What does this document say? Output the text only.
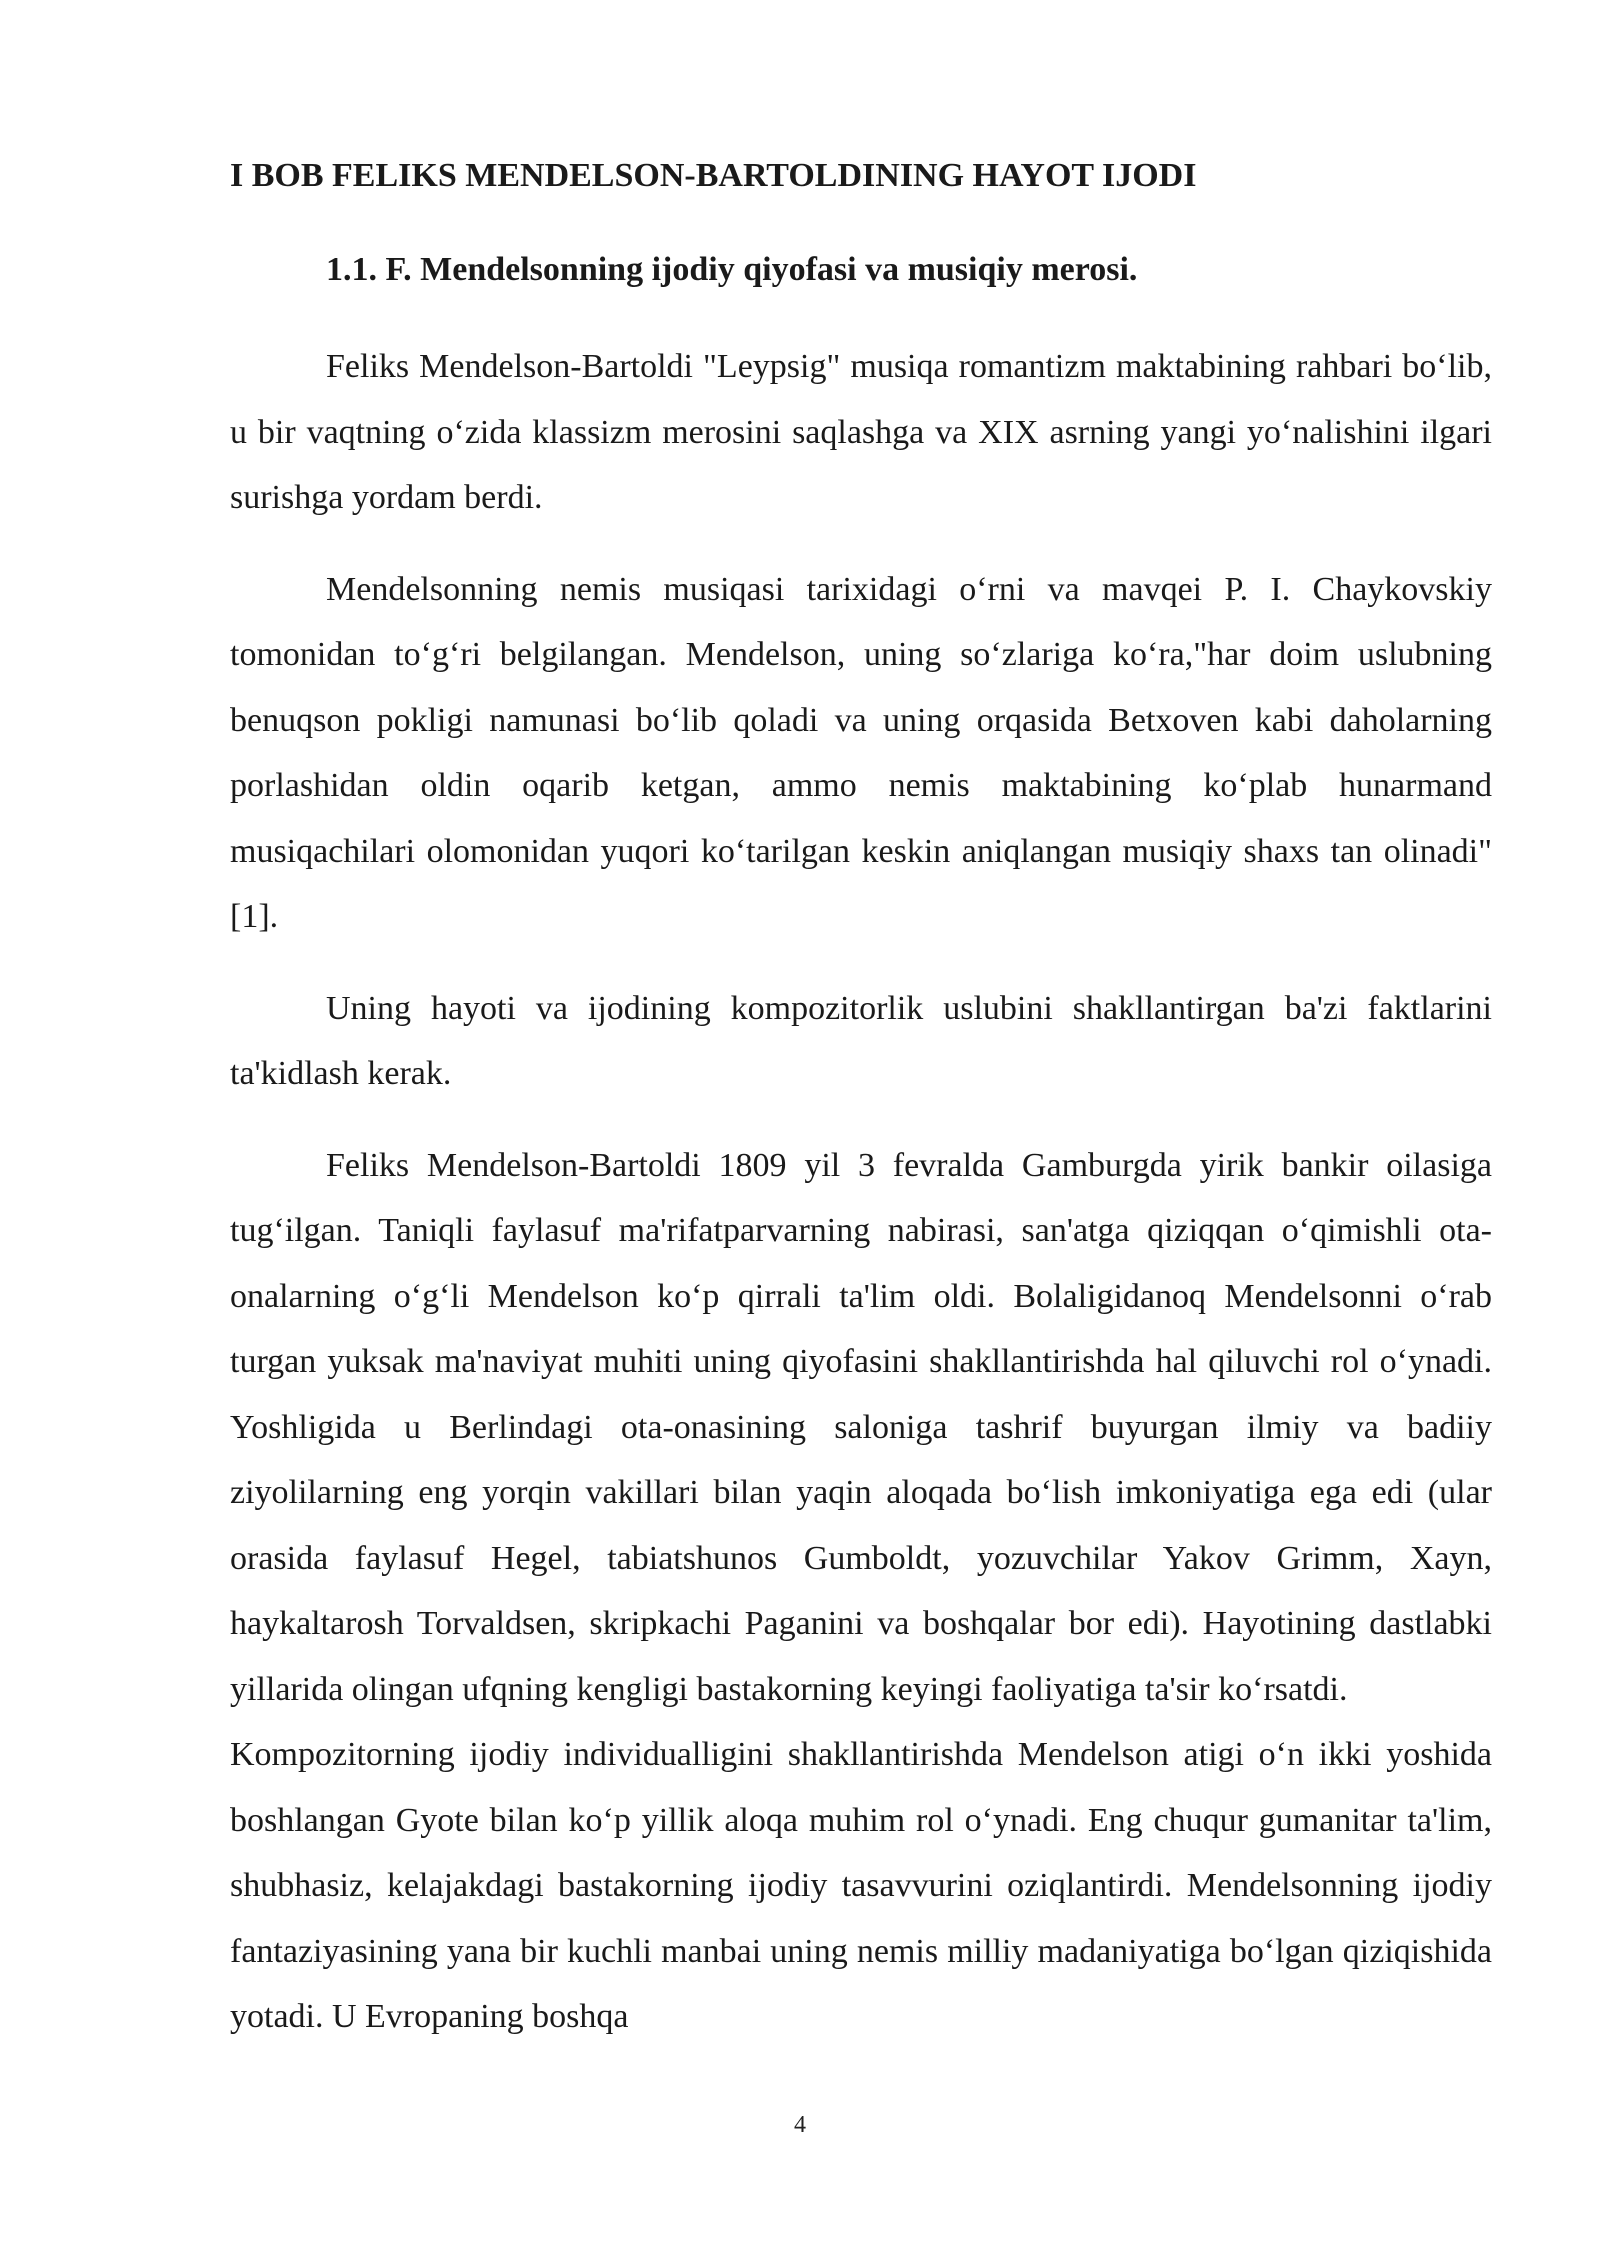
I BOB FELIKS MENDELSON-BARTOLDINING HAYOT IJODI
1.1. F. Mendelsonning ijodiy qiyofasi va musiqiy merosi.

Feliks Mendelson-Bartoldi "Leypsig" musiqa romantizm maktabining rahbari bo‘lib, u bir vaqtning o‘zida klassizm merosini saqlashga va XIX asrning yangi yo‘nalishini ilgari surishga yordam berdi.

Mendelsonning nemis musiqasi tarixidagi o‘rni va mavqei P. I. Chaykovskiy tomonidan to‘g‘ri belgilangan. Mendelson, uning so‘zlariga ko‘ra,"har doim uslubning benuqson pokligi namunasi bo‘lib qoladi va uning orqasida Betxoven kabi daholarning porlashidan oldin oqarib ketgan, ammo nemis maktabining ko‘plab hunarmand musiqachilari olomonidan yuqori ko‘tarilgan keskin aniqlangan musiqiy shaxs tan olinadi" [1].

Uning hayoti va ijodining kompozitorlik uslubini shakllantirgan ba'zi faktlarini ta'kidlash kerak.

Feliks Mendelson-Bartoldi 1809 yil 3 fevralda Gamburgda yirik bankir oilasiga tug‘ilgan. Taniqli faylasuf ma'rifatparvarning nabirasi, san'atga qiziqqan o‘qimishli ota-onalarning o‘g‘li Mendelson ko‘p qirrali ta'lim oldi. Bolaligidanoq Mendelsonni o‘rab turgan yuksak ma'naviyat muhiti uning qiyofasini shakllantirishda hal qiluvchi rol o‘ynadi. Yoshligida u Berlindagi ota-onasining saloniga tashrif buyurgan ilmiy va badiiy ziyolilarning eng yorqin vakillari bilan yaqin aloqada bo‘lish imkoniyatiga ega edi (ular orasida faylasuf Hegel, tabiatshunos Gumboldt, yozuvchilar Yakov Grimm, Xayn, haykaltarosh Torvaldsen, skripkachi Paganini va boshqalar bor edi). Hayotining dastlabki yillarida olingan ufqning kengligi bastakorning keyingi faoliyatiga ta'sir ko‘rsatdi.

Kompozitorning ijodiy individualligini shakllantirishda Mendelson atigi o‘n ikki yoshida boshlangan Gyote bilan ko‘p yillik aloqa muhim rol o‘ynadi. Eng chuqur gumanitar ta'lim, shubhasiz, kelajakdagi bastakorning ijodiy tasavvurini oziqlantirdi. Mendelsonning ijodiy fantaziyasining yana bir kuchli manbai uning nemis milliy madaniyatiga bo‘lgan qiziqishida yotadi. U Evropaning boshqa

4
